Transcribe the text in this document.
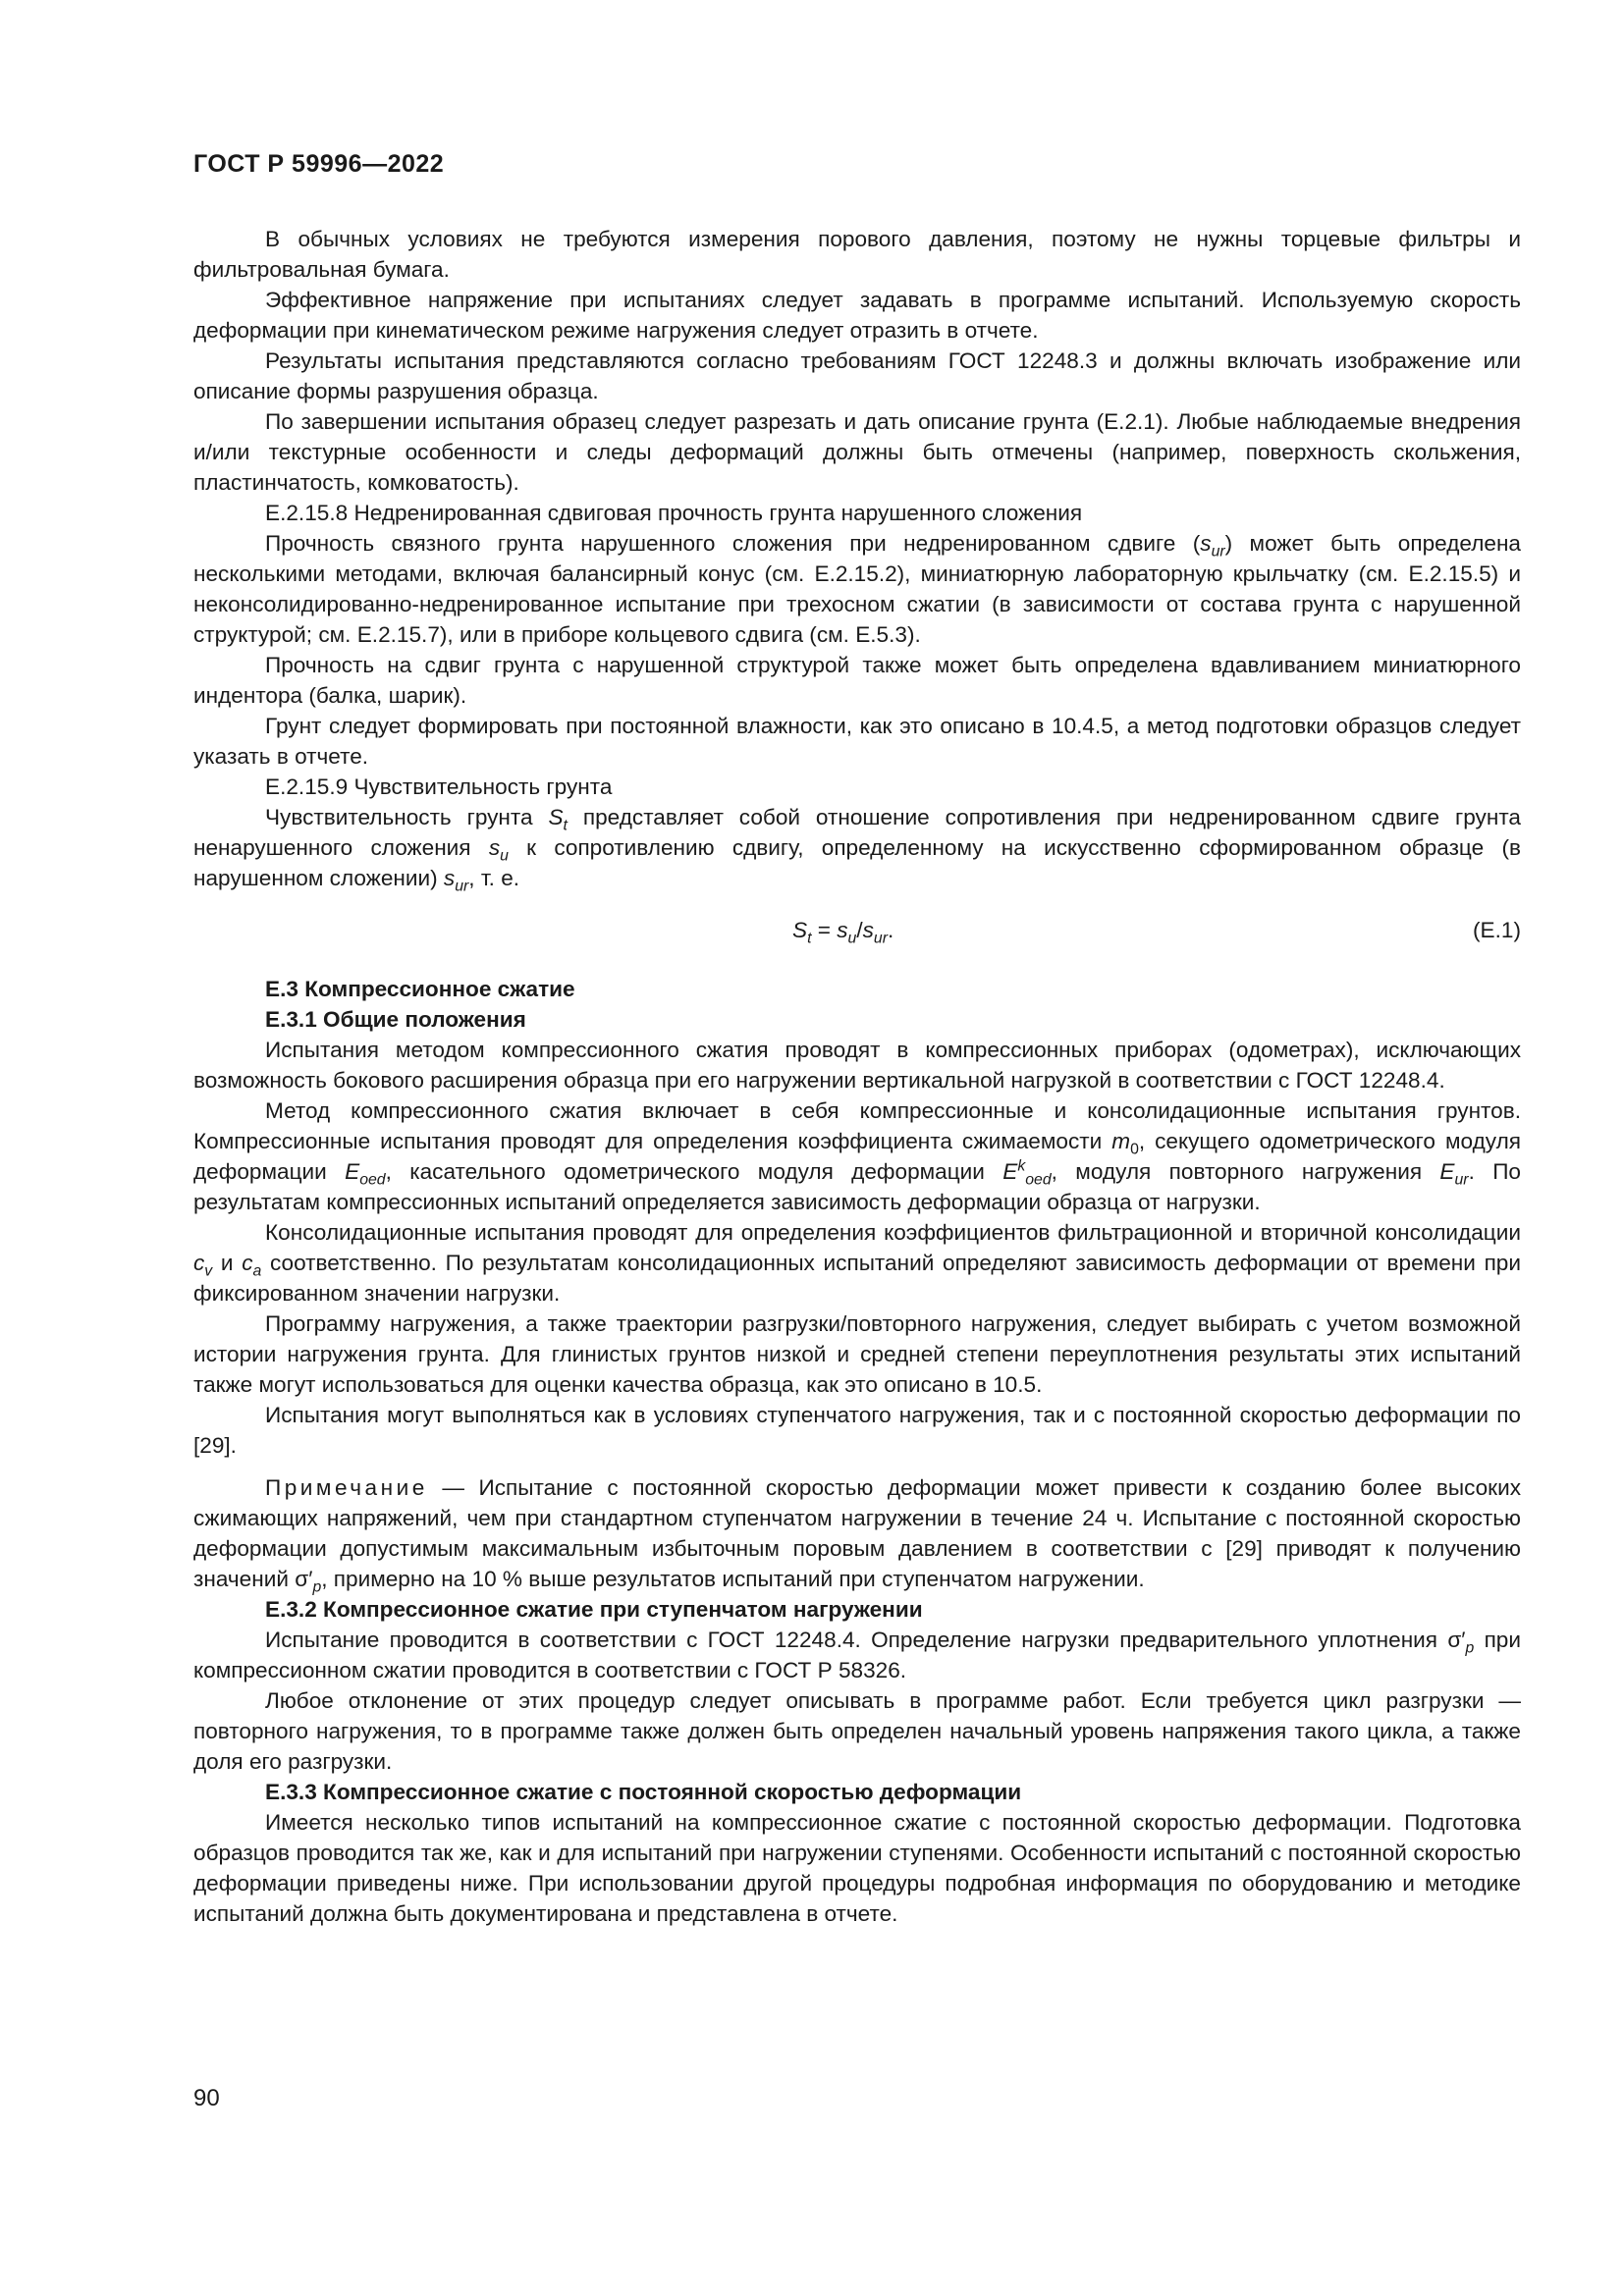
ГОСТ Р 59996—2022

В обычных условиях не требуются измерения порового давления, поэтому не нужны торцевые фильтры и фильтровальная бумага.

Эффективное напряжение при испытаниях следует задавать в программе испытаний. Используемую скорость деформации при кинематическом режиме нагружения следует отразить в отчете.

Результаты испытания представляются согласно требованиям ГОСТ 12248.3 и должны включать изображение или описание формы разрушения образца.

По завершении испытания образец следует разрезать и дать описание грунта (Е.2.1). Любые наблюдаемые внедрения и/или текстурные особенности и следы деформаций должны быть отмечены (например, поверхность скольжения, пластинчатость, комковатость).

Е.2.15.8 Недренированная сдвиговая прочность грунта нарушенного сложения

Прочность связного грунта нарушенного сложения при недренированном сдвиге $(s_{ur})$ может быть определена несколькими методами, включая балансирный конус (см. Е.2.15.2), миниатюрную лабораторную крыльчатку (см. Е.2.15.5) и неконсолидированно-недренированное испытание при трехосном сжатии (в зависимости от состава грунта с нарушенной структурой; см. Е.2.15.7), или в приборе кольцевого сдвига (см. Е.5.3).

Прочность на сдвиг грунта с нарушенной структурой также может быть определена вдавливанием миниатюрного индентора (балка, шарик).

Грунт следует формировать при постоянной влажности, как это описано в 10.4.5, а метод подготовки образцов следует указать в отчете.

Е.2.15.9 Чувствительность грунта

Чувствительность грунта $S_t$ представляет собой отношение сопротивления при недренированном сдвиге грунта ненарушенного сложения $s_u$ к сопротивлению сдвигу, определенному на искусственно сформированном образце (в нарушенном сложении) $s_{ur}$, т. е.

$S_t = s_u/s_{ur}$.	(Е.1)

Е.3 Компрессионное сжатие

Е.3.1 Общие положения

Испытания методом компрессионного сжатия проводят в компрессионных приборах (одометрах), исключающих возможность бокового расширения образца при его нагружении вертикальной нагрузкой в соответствии с ГОСТ 12248.4.

Метод компрессионного сжатия включает в себя компрессионные и консолидационные испытания грунтов. Компрессионные испытания проводят для определения коэффициента сжимаемости $m_0$, секущего одометрического модуля деформации $E_{oed}$, касательного одометрического модуля деформации $E^k_{oed}$, модуля повторного нагружения $E_{ur}$. По результатам компрессионных испытаний определяется зависимость деформации образца от нагрузки.

Консолидационные испытания проводят для определения коэффициентов фильтрационной и вторичной консолидации $c_v$ и $c_a$ соответственно. По результатам консолидационных испытаний определяют зависимость деформации от времени при фиксированном значении нагрузки.

Программу нагружения, а также траектории разгрузки/повторного нагружения, следует выбирать с учетом возможной истории нагружения грунта. Для глинистых грунтов низкой и средней степени переуплотнения результаты этих испытаний также могут использоваться для оценки качества образца, как это описано в 10.5.

Испытания могут выполняться как в условиях ступенчатого нагружения, так и с постоянной скоростью деформации по [29].

Примечание — Испытание с постоянной скоростью деформации может привести к созданию более высоких сжимающих напряжений, чем при стандартном ступенчатом нагружении в течение 24 ч. Испытание с постоянной скоростью деформации допустимым максимальным избыточным поровым давлением в соответствии с [29] приводят к получению значений $\sigma'_p$, примерно на 10 % выше результатов испытаний при ступенчатом нагружении.

Е.3.2 Компрессионное сжатие при ступенчатом нагружении

Испытание проводится в соответствии с ГОСТ 12248.4. Определение нагрузки предварительного уплотнения $\sigma'_p$ при компрессионном сжатии проводится в соответствии с ГОСТ Р 58326.

Любое отклонение от этих процедур следует описывать в программе работ. Если требуется цикл разгрузки — повторного нагружения, то в программе также должен быть определен начальный уровень напряжения такого цикла, а также доля его разгрузки.

Е.3.3 Компрессионное сжатие с постоянной скоростью деформации

Имеется несколько типов испытаний на компрессионное сжатие с постоянной скоростью деформации. Подготовка образцов проводится так же, как и для испытаний при нагружении ступенями. Особенности испытаний с постоянной скоростью деформации приведены ниже. При использовании другой процедуры подробная информация по оборудованию и методике испытаний должна быть документирована и представлена в отчете.

90
